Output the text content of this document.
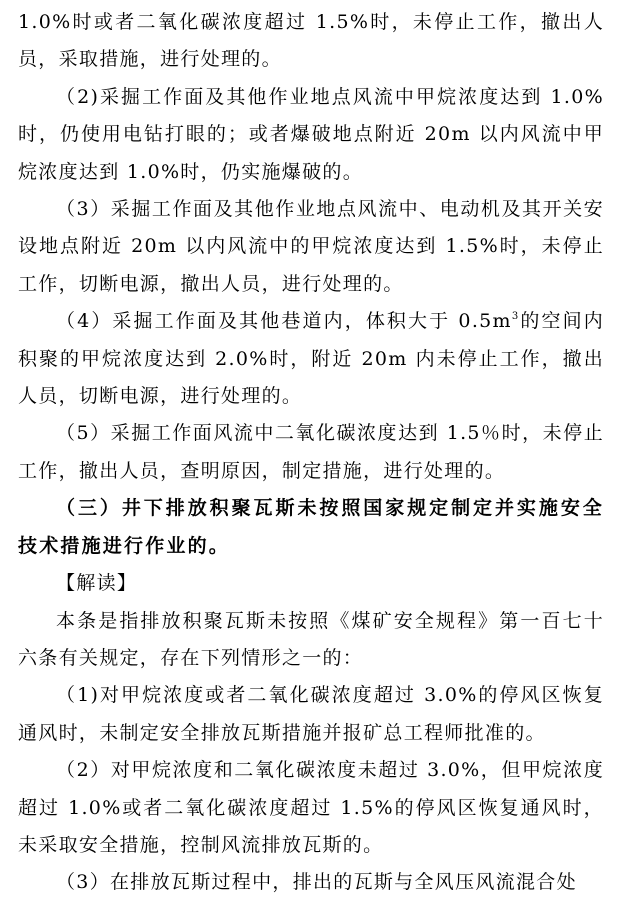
1.0%时或者二氧化碳浓度超过 1.5%时，未停止工作，撤出人员，采取措施，进行处理的。

（2)采掘工作面及其他作业地点风流中甲烷浓度达到 1.0%时，仍使用电钻打眼的；或者爆破地点附近 20m 以内风流中甲烷浓度达到 1.0%时，仍实施爆破的。

（3）采掘工作面及其他作业地点风流中、电动机及其开关安设地点附近 20m 以内风流中的甲烷浓度达到 1.5%时，未停止工作，切断电源，撤出人员，进行处理的。

（4）采掘工作面及其他巷道内，体积大于 $0.5m^3$的空间内积聚的甲烷浓度达到 2.0%时，附近 20m 内未停止工作，撤出人员，切断电源，进行处理的。

（5）采掘工作面风流中二氧化碳浓度达到 1.5％时，未停止工作，撤出人员，查明原因，制定措施，进行处理的。

（三）井下排放积聚瓦斯未按照国家规定制定并实施安全技术措施进行作业的。

【解读】

本条是指排放积聚瓦斯未按照《煤矿安全规程》第一百七十六条有关规定，存在下列情形之一的：

（1)对甲烷浓度或者二氧化碳浓度超过 3.0%的停风区恢复通风时，未制定安全排放瓦斯措施并报矿总工程师批准的。

（2）对甲烷浓度和二氧化碳浓度未超过 3.0%，但甲烷浓度超过 1.0%或者二氧化碳浓度超过 1.5%的停风区恢复通风时，未采取安全措施，控制风流排放瓦斯的。

（3）在排放瓦斯过程中，排出的瓦斯与全风压风流混合处
